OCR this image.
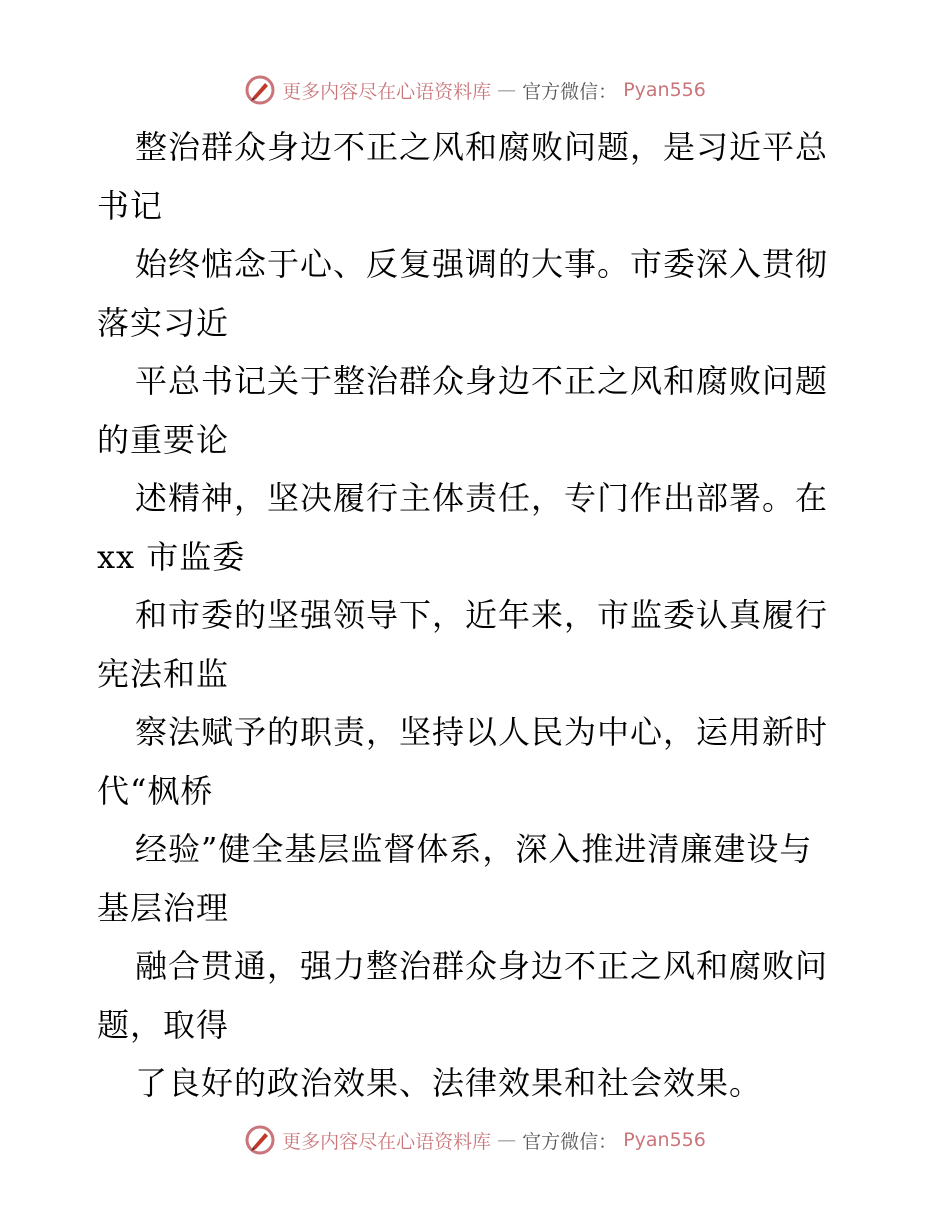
更多内容尽在心语资料库 — 官方微信： Pyan556
整治群众身边不正之风和腐败问题，是习近平总
书记
始终惦念于心、反复强调的大事。市委深入贯彻
落实习近
平总书记关于整治群众身边不正之风和腐败问题
的重要论
述精神，坚决履行主体责任，专门作出部署。在
xx 市监委
和市委的坚强领导下，近年来，市监委认真履行
宪法和监
察法赋予的职责，坚持以人民为中心，运用新时
代“枫桥
经验”健全基层监督体系，深入推进清廉建设与
基层治理
融合贯通，强力整治群众身边不正之风和腐败问
题，取得
了良好的政治效果、法律效果和社会效果。
更多内容尽在心语资料库 — 官方微信： Pyan556
